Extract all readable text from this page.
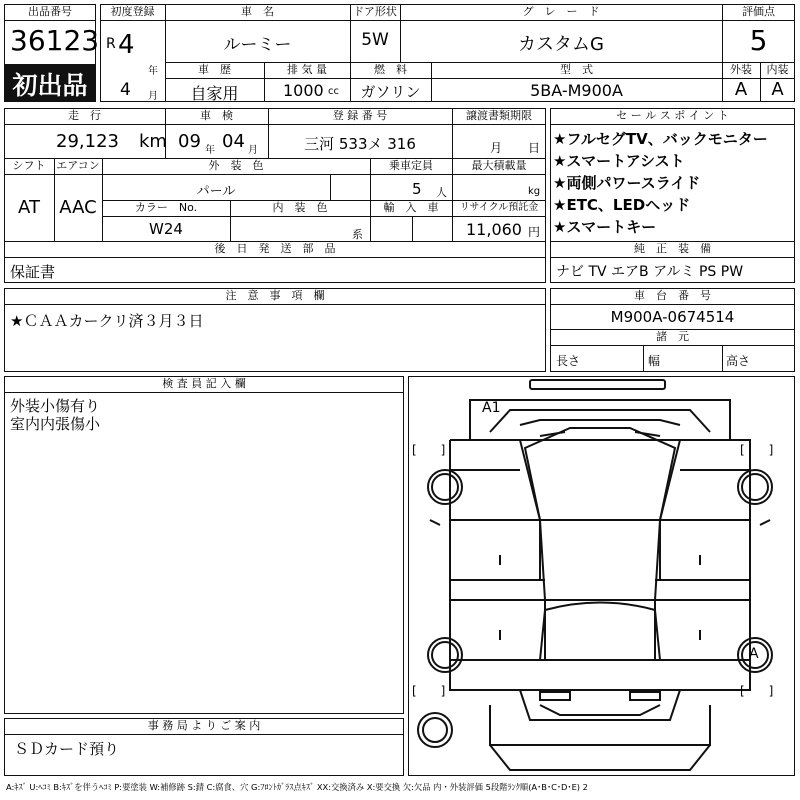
出品番号
36123
初出品
初度登録
R 4
年
4 月
車　名
ルーミー
ドア形状
5W
グ　レ　ー　ド
カスタムG
評価点
5
車　歴
自家用
排 気 量
1000 cc
燃　料
ガソリン
型　式
5BA-M900A
外装
A
内装
A
走　行
29,123 km
車　検
09 年 04 月
登 録 番 号
三河 533メ 316
譲渡書類期限
月 日
シフト
AT
エアコン
AAC
外　装　色
パール
乗車定員
5 人
最大積載量
kg
カラー　No.
W24
内　装　色
系
輸　入　車	リサイクル預託金
11,060 円
セ ー ル ス ポ イ ン ト
★フルセグTV、バックモニター
★スマートアシスト
★両側パワースライド
★ETC、LEDヘッド
★スマートキー
後　日　発　送　部　品
保証書
純　正　装　備
ナビ TV エアB アルミ PS PW
注　意　事　項　欄
★ＣＡＡカークリ済３月３日
車　台　番　号
M900A-0674514
諸　元
長さ	幅	高さ
検 査 員 記 入 欄
外装小傷有り
室内内張傷小
事 務 局 よ り ご 案 内
ＳＤカード預り
A1
A
[　　]	[　　]
[　　]	[　　]
A:ｷｽﾞ U:ﾍｺﾐ B:ｷｽﾞを伴うﾍｺﾐ P:要塗装 W:補修跡 S:錆 C:腐食、穴 G:ﾌﾛﾝﾄｶﾞﾗｽ点ｷｽﾞ XX:交換済み X:要交換 欠:欠品 内・外装評価 5段階ﾗﾝｸ順(A･B･C･D･E) 2
